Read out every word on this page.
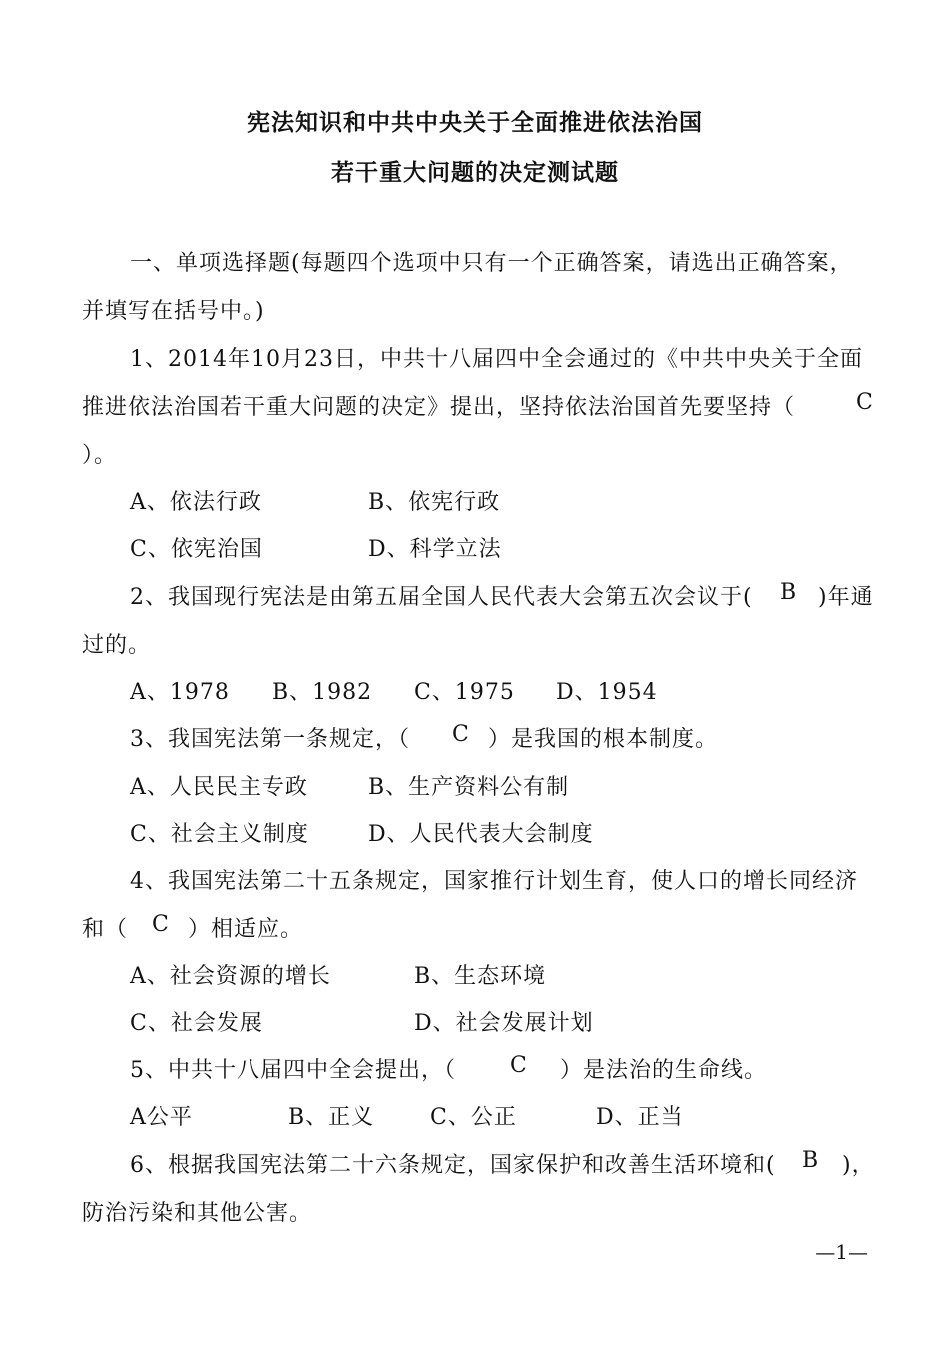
宪法知识和中共中央关于全面推进依法治国
若干重大问题的决定测试题
一、单项选择题(每题四个选项中只有一个正确答案，请选出正确答案，
并填写在括号中。)
1、2014年10月23日，中共十八届四中全会通过的《中共中央关于全面
推进依法治国若干重大问题的决定》提出，坚持依法治国首先要坚持（	C
）。
A、依法行政	B、依宪行政
C、依宪治国	D、科学立法
2、我国现行宪法是由第五届全国人民代表大会第五次会议于( B )年通
过的。
A、1978 B、1982 C、1975 D、1954
3、我国宪法第一条规定，（ C ）是我国的根本制度。
A、人民民主专政	B、生产资料公有制
C、社会主义制度	D、人民代表大会制度
4、我国宪法第二十五条规定，国家推行计划生育，使人口的增长同经济
和（ C ）相适应。
A、社会资源的增长	B、生态环境
C、社会发展	D、社会发展计划
5、中共十八届四中全会提出，（ C ）是法治的生命线。
A公平	B、正义	C、公正	D、正当
6、根据我国宪法第二十六条规定，国家保护和改善生活环境和( B )，
防治污染和其他公害。
—1—
